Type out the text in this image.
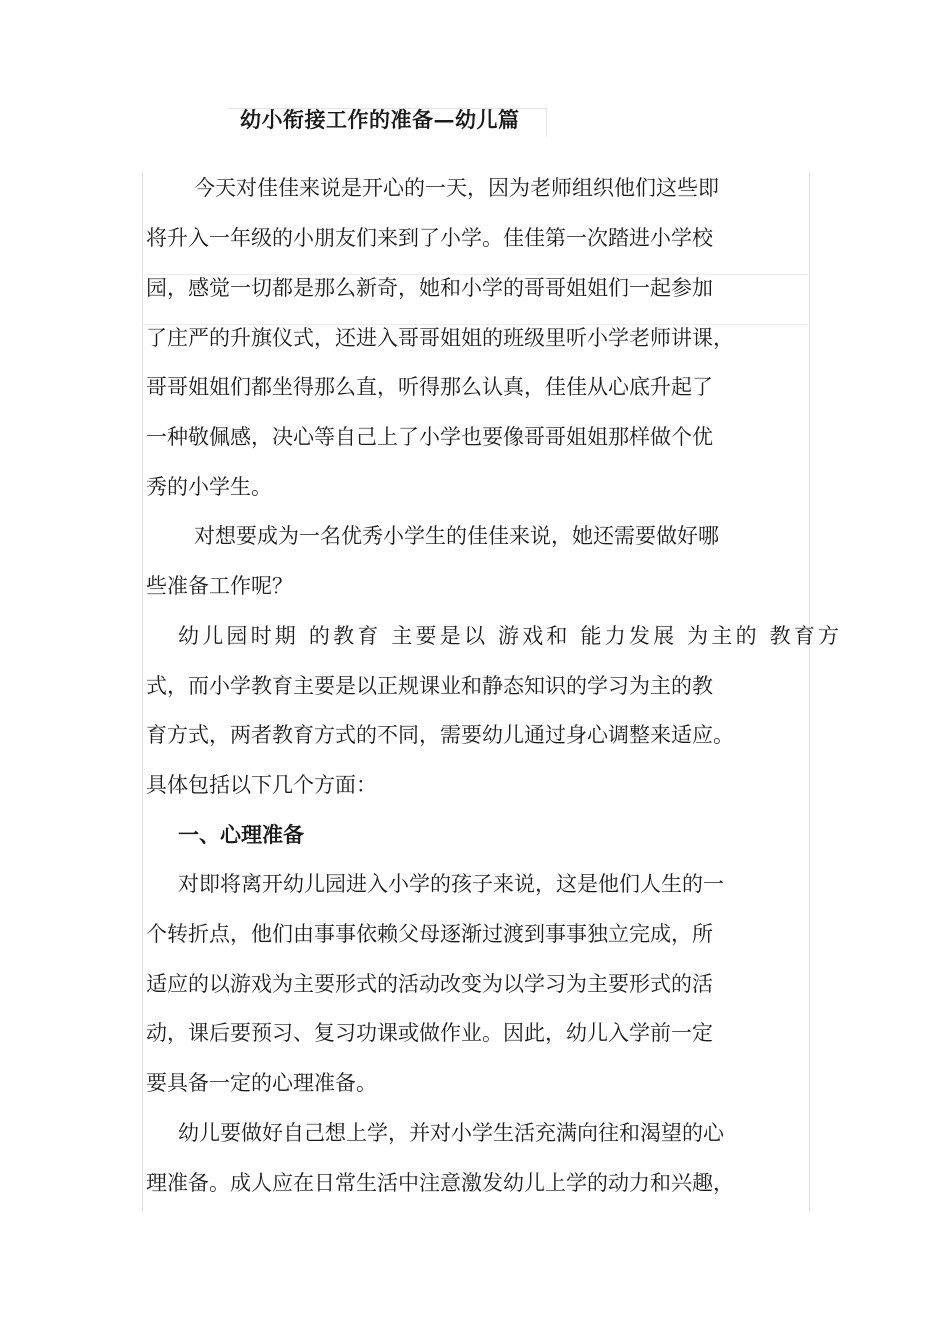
幼小衔接工作的准备—幼儿篇
今天对佳佳来说是开心的一天，因为老师组织他们这些即
将升入一年级的小朋友们来到了小学。佳佳第一次踏进小学校
园，感觉一切都是那么新奇，她和小学的哥哥姐姐们一起参加
了庄严的升旗仪式，还进入哥哥姐姐的班级里听小学老师讲课，
哥哥姐姐们都坐得那么直，听得那么认真，佳佳从心底升起了
一种敬佩感，决心等自己上了小学也要像哥哥姐姐那样做个优
秀的小学生。
对想要成为一名优秀小学生的佳佳来说，她还需要做好哪
些准备工作呢？
幼儿园时期 的教育 主要是以 游戏和 能力发展 为主的 教育方
式，而小学教育主要是以正规课业和静态知识的学习为主的教
育方式，两者教育方式的不同，需要幼儿通过身心调整来适应。
具体包括以下几个方面：
一、心理准备
对即将离开幼儿园进入小学的孩子来说，这是他们人生的一
个转折点，他们由事事依赖父母逐渐过渡到事事独立完成，所
适应的以游戏为主要形式的活动改变为以学习为主要形式的活
动，课后要预习、复习功课或做作业。因此，幼儿入学前一定
要具备一定的心理准备。
幼儿要做好自己想上学，并对小学生活充满向往和渴望的心
理准备。成人应在日常生活中注意激发幼儿上学的动力和兴趣，
